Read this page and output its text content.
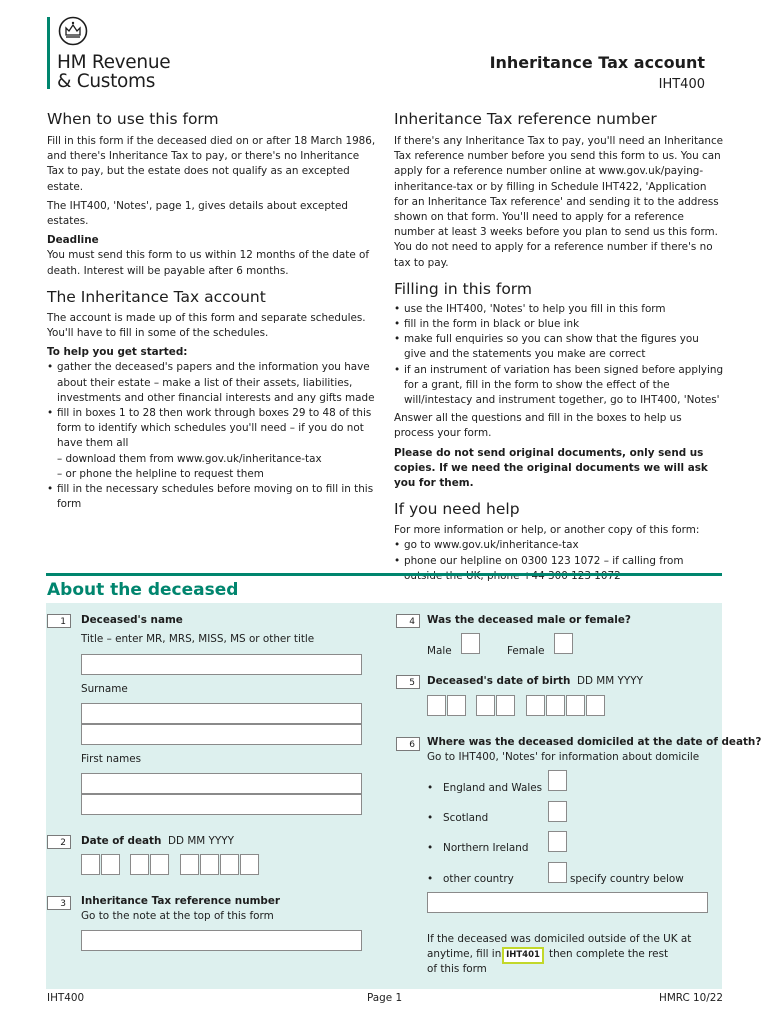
HM Revenue
& Customs
Inheritance Tax account
IHT400
When to use this form
Fill in this form if the deceased died on or after 18 March 1986, and there's Inheritance Tax to pay, or there's no Inheritance Tax to pay, but the estate does not qualify as an excepted estate.
The IHT400, 'Notes', page 1, gives details about excepted estates.
Deadline
You must send this form to us within 12 months of the date of death. Interest will be payable after 6 months.
The Inheritance Tax account
The account is made up of this form and separate schedules. You'll have to fill in some of the schedules.
To help you get started:
• gather the deceased's papers and the information you have about their estate – make a list of their assets, liabilities, investments and other financial interests and any gifts made
• fill in boxes 1 to 28 then work through boxes 29 to 48 of this form to identify which schedules you'll need – if you do not have them all
– download them from www.gov.uk/inheritance-tax
– or phone the helpline to request them
• fill in the necessary schedules before moving on to fill in this form
Inheritance Tax reference number
If there's any Inheritance Tax to pay, you'll need an Inheritance Tax reference number before you send this form to us. You can apply for a reference number online at www.gov.uk/paying-inheritance-tax or by filling in Schedule IHT422, 'Application for an Inheritance Tax reference' and sending it to the address shown on that form. You'll need to apply for a reference number at least 3 weeks before you plan to send us this form. You do not need to apply for a reference number if there's no tax to pay.
Filling in this form
• use the IHT400, 'Notes' to help you fill in this form
• fill in the form in black or blue ink
• make full enquiries so you can show that the figures you give and the statements you make are correct
• if an instrument of variation has been signed before applying for a grant, fill in the form to show the effect of the will/intestacy and instrument together, go to IHT400, 'Notes'
Answer all the questions and fill in the boxes to help us process your form.
Please do not send original documents, only send us copies. If we need the original documents we will ask you for them.
If you need help
For more information or help, or another copy of this form:
• go to www.gov.uk/inheritance-tax
• phone our helpline on 0300 123 1072 – if calling from
About the deceased
1	Deceased's name
Title – enter MR, MRS, MISS, MS or other title
Surname
First names
2	Date of death DD MM YYYY
3	Inheritance Tax reference number
Go to the note at the top of this form
4	Was the deceased male or female?
Male	Female
5	Deceased's date of birth DD MM YYYY
6	Where was the deceased domiciled at the date of death?
Go to IHT400, 'Notes' for information about domicile
•   England and Wales
•   Scotland
•   Northern Ireland
•   other country	specify country below
If the deceased was domiciled outside of the UK at anytime, fill in	then complete the rest
IHT401
of this form
IHT400	Page 1	HMRC 10/22
